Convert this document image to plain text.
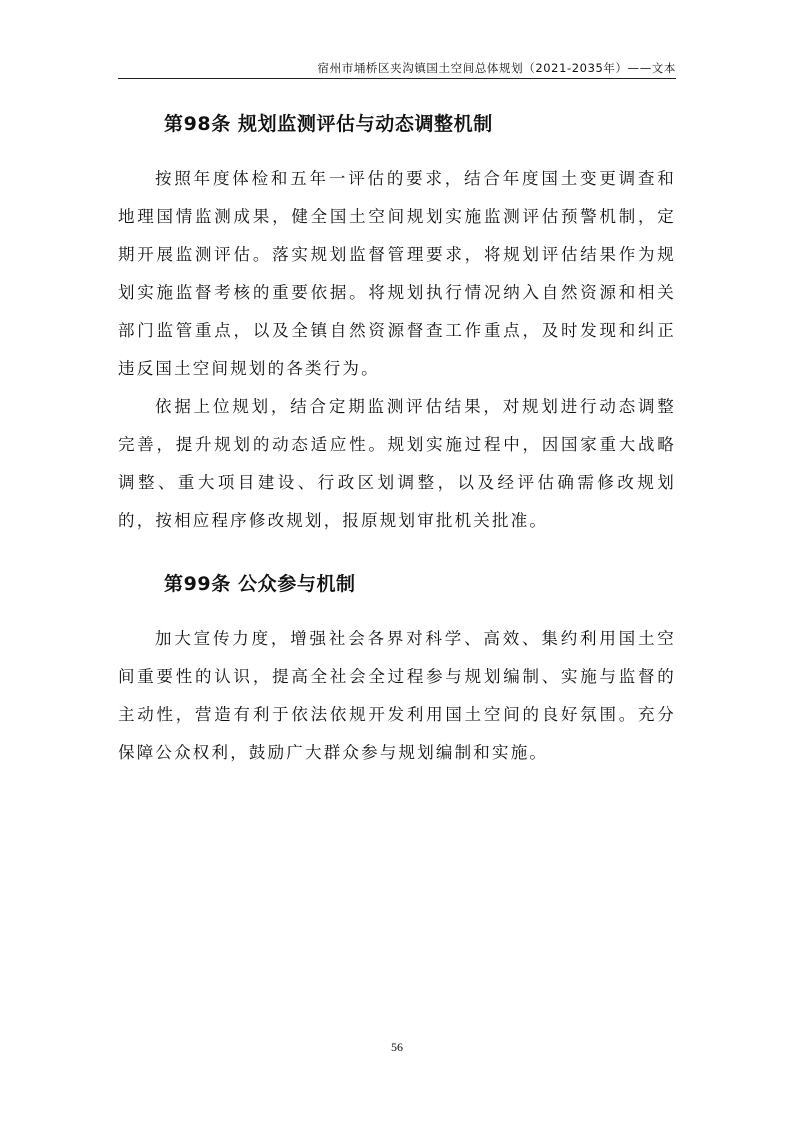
宿州市埇桥区夹沟镇国土空间总体规划（2021-2035年）——文本
第98条 规划监测评估与动态调整机制

按照年度体检和五年一评估的要求，结合年度国土变更调查和地理国情监测成果，健全国土空间规划实施监测评估预警机制，定期开展监测评估。落实规划监督管理要求，将规划评估结果作为规划实施监督考核的重要依据。将规划执行情况纳入自然资源和相关部门监管重点，以及全镇自然资源督查工作重点，及时发现和纠正违反国土空间规划的各类行为。

依据上位规划，结合定期监测评估结果，对规划进行动态调整完善，提升规划的动态适应性。规划实施过程中，因国家重大战略调整、重大项目建设、行政区划调整，以及经评估确需修改规划的，按相应程序修改规划，报原规划审批机关批准。

第99条 公众参与机制

加大宣传力度，增强社会各界对科学、高效、集约利用国土空间重要性的认识，提高全社会全过程参与规划编制、实施与监督的主动性，营造有利于依法依规开发利用国土空间的良好氛围。充分保障公众权利，鼓励广大群众参与规划编制和实施。

56
